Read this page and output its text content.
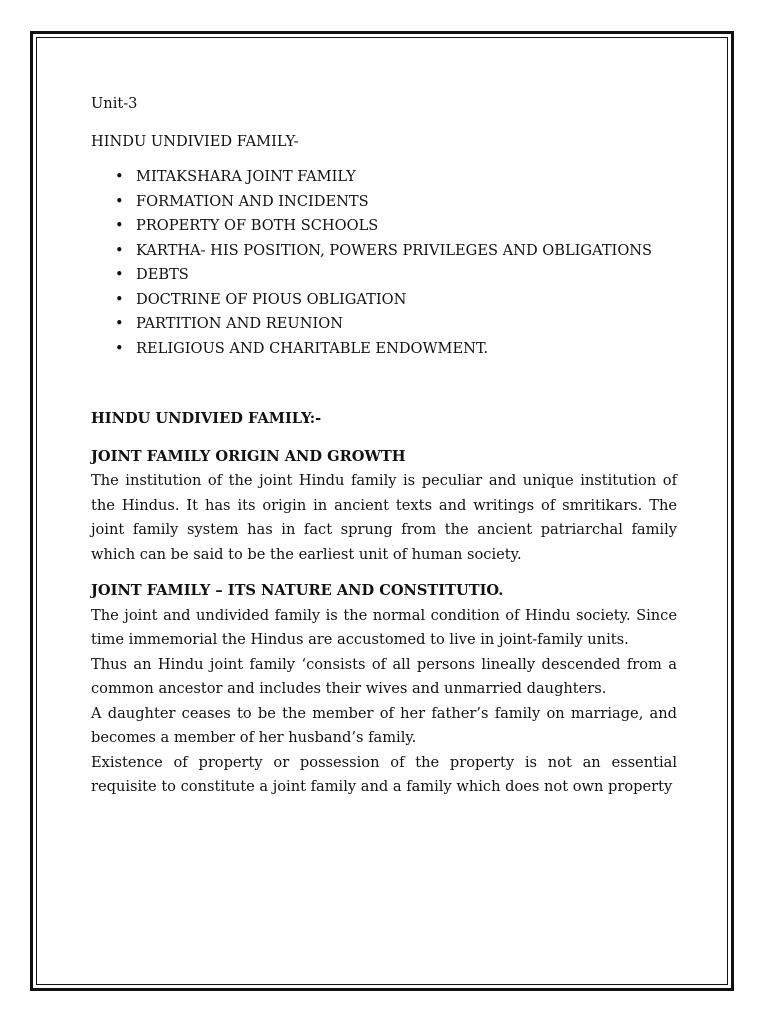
Unit-3

HINDU UNDIVIED FAMILY-

• MITAKSHARA JOINT FAMILY
• FORMATION AND INCIDENTS
• PROPERTY OF BOTH SCHOOLS
• KARTHA- HIS POSITION, POWERS PRIVILEGES AND OBLIGATIONS
• DEBTS
• DOCTRINE OF PIOUS OBLIGATION
• PARTITION AND REUNION
• RELIGIOUS AND CHARITABLE ENDOWMENT.
HINDU UNDIVIED FAMILY:-
JOINT FAMILY ORIGIN AND GROWTH

The institution of the joint Hindu family is peculiar and unique institution of the Hindus. It has its origin in ancient texts and writings of smritikars. The joint family system has in fact sprung from the ancient patriarchal family which can be said to be the earliest unit of human society.

JOINT FAMILY – ITS NATURE AND CONSTITUTIO.

The joint and undivided family is the normal condition of Hindu society. Since time immemorial the Hindus are accustomed to live in joint-family units.

Thus an Hindu joint family ‘consists of all persons lineally descended from a common ancestor and includes their wives and unmarried daughters.

A daughter ceases to be the member of her father’s family on marriage, and becomes a member of her husband’s family.

Existence of property or possession of the property is not an essential requisite to constitute a joint family and a family which does not own property
